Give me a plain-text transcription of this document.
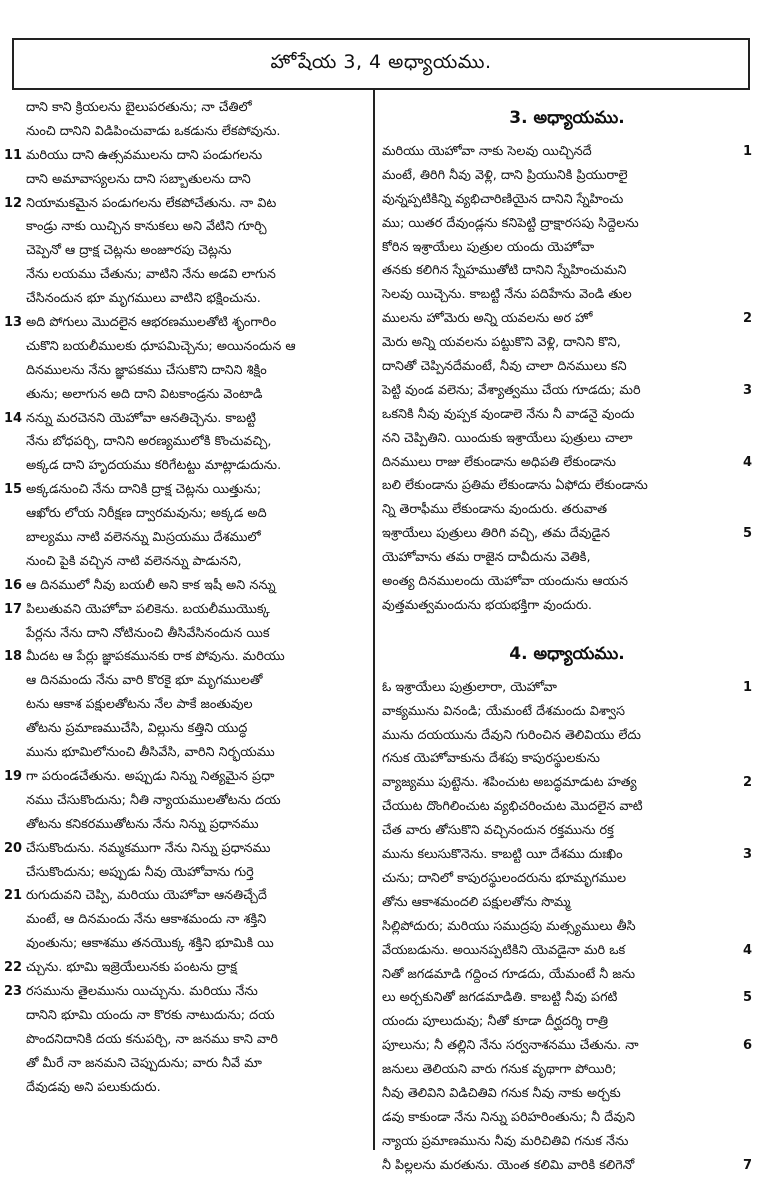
హోషేయ 3, 4 అధ్యాయము.
దాని కాని క్రియలను బైలుపరతును; నా చేతిలో
నుంచి దానిని విడిపించువాడు ఒకడును లేకపోవును.
11 మరియు దాని ఉత్సవములను దాని పండుగలను
దాని అమావాస్యలను దాని సబ్బాతులను దాని
12 నియామకమైన పండుగలను లేకపోచేతును. నా విట
కాండ్రు నాకు యిచ్చిన కానుకలు అని వేటిని గూర్చి
చెప్పెనో ఆ ద్రాక్ష చెట్లను అంజూరపు చెట్లను
నేను లయము చేతును; వాటిని నేను అడవి లాగున
చేసినందున భూ మృగములు వాటిని భక్షించును.
13 అది పోగులు మొదలైన ఆభరణములతోటి శృంగారిం
చుకొని బయలీములకు ధూపమిచ్చెను; అయినందున ఆ
దినములను నేను జ్ఞాపకము చేసుకొని దానిని శిక్షిం
తును; అలాగున అది దాని విటకాండ్రను వెంటాడి
14 నన్ను మరచెనని యెహోవా ఆనతిచ్చెను. కాబట్టి
నేను బోధపర్చి, దానిని అరణ్యములోకి కొంచువచ్చి,
అక్కడ దాని హృదయము కరిగేటట్టు మాట్లాడుదును.
15 అక్కడనుంచి నేను దానికి ద్రాక్ష చెట్లను యిత్తును;
ఆఖోరు లోయ నిరీక్షణ ద్వారమవును; అక్కడ అది
బాల్యము నాటి వలెనన్ను మిస్రయము దేశములో
నుంచి పైకి వచ్చిన నాటి వలెనన్ను పాడునని,
16 ఆ దినములో నీవు బయలీ అని కాక ఇషీ అని నన్ను
17 పిలుతువని యెహోవా పలికెను. బయలీముయొక్క
పేర్లను నేను దాని నోటినుంచి తీసివేసినందున యిక
18 మీదట ఆ పేర్లు జ్ఞాపకమునకు రాక పోవును. మరియు
ఆ దినమందు నేను వారి కొరకై భూ మృగములతో
టను ఆకాశ పక్షులతోటను నేల పాకే జంతువుల
తోటను ప్రమాణముచేసి, విల్లును కత్తిని యుద్ధ
మును భూమిలోనుంచి తీసివేసి, వారిని నిర్భయము
19 గా పరుండచేతును. అప్పుడు నిన్ను నిత్యమైన ప్రధా
నము చేసుకొందును; నీతి న్యాయములతోటను దయ
తోటను కనికరముతోటను నేను నిన్ను ప్రధానము
20 చేసుకొందును. నమ్మకముగా నేను నిన్ను ప్రధానము
చేసుకొందును; అప్పుడు నీవు యెహోవాను గుర్తె
21 రుగుదువని చెప్పి, మరియు యెహోవా ఆనతిచ్చేదే
మంటే, ఆ దినమందు నేను ఆకాశమందు నా శక్తిని
వుంతును; ఆకాశము తనయొక్క శక్తిని భూమికి యి
22 చ్చును. భూమి ఇజ్రెయేలునకు పంటను ద్రాక్ష
23 రసమును తైలమును యిచ్చును. మరియు నేను
దానిని భూమి యందు నా కొరకు నాటుదును; దయ
పొందనిదానికి దయ కనుపర్చి, నా జనము కాని వారి
తో మీరే నా జనమని చెప్పుదును; వారు నీవే మా
దేవుడవు అని పలుకుదురు.
3. అధ్యాయము.
1
మరియు యెహోవా నాకు సెలవు యిచ్చినదే
మంటే, తిరిగి నీవు వెళ్లి, దాని ప్రియునికి ప్రియురాలై
వున్నప్పటికిన్ని వ్యభిచారిణియైన దానిని స్నేహించు
ము; యితర దేవుండ్లను కనిపెట్టి ద్రాక్షారసపు సిద్దెలను
కోరిన ఇశ్రాయేలు పుత్రుల యందు యెహోవా
తనకు కలిగిన స్నేహముతోటి దానిని స్నేహించుమని
సెలవు యిచ్చెను. కాబట్టి నేను పదిహేను వెండి తుల
2
ములను హోమెరు అన్ని యవలను అర హో
మెరు అన్ని యవలను పట్టుకొని వెళ్లి, దానిని కొని,
దానితో చెప్పినదేమంటే, నీవు చాలా దినములు కని
3
పెట్టి వుండ వలెను; వేశ్యాత్వము చేయ గూడదు; మరి
ఒకనికి నీవు వుప్పక వుండాలె నేను నీ వాడనై వుందు
నని చెప్పితిని. యిందుకు ఇశ్రాయేలు పుత్రులు చాలా
4
దినములు రాజు లేకుండాను అధిపతి లేకుండాను
బలి లేకుండాను ప్రతిమ లేకుండాను ఏఫోదు లేకుండాను
న్ని తెరాఫీము లేకుండాను వుందురు. తరువాత
5
ఇశ్రాయేలు పుత్రులు తిరిగి వచ్చి, తమ దేవుడైన
యెహోవాను తమ రాజైన దావీదును వెతికి,
అంత్య దినములందు యెహోవా యందును ఆయన
వుత్తమత్వమందును భయభక్తిగా వుందురు.
4. అధ్యాయము.
1
ఓ ఇశ్రాయేలు పుత్రులారా, యెహోవా
వాక్యమును వినండి; యేమంటే దేశమందు విశ్వాస
మును దయయును దేవుని గురించిన తెలివియు లేదు
గనుక యెహోవాకును దేశపు కాపురస్థులకును
2
వ్యాజ్యము పుట్టెను. శపించుట అబద్ధమాడుట హత్య
చేయుట దొంగిలించుట వ్యభిచరించుట మొదలైన వాటి
చేత వారు తోసుకొని వచ్చినందున రక్తమును రక్త
3
మును కలుసుకొనెను. కాబట్టి యీ దేశము దుఃఖిం
చును; దానిలో కాపురస్థులందరును భూమృగముల
తోను ఆకాశమందలి పక్షులతోను సొమ్మ
సిల్లిపోదురు; మరియు సముద్రపు మత్స్యములు తీసి
4
వేయబడును. అయినప్పటికిని యెవడైనా మరి ఒక
నితో జగడమాడి గద్దించ గూడదు, యేమంటే నీ జను
5
లు అర్చకునితో జగడమాడితి. కాబట్టి నీవు పగటి
యందు పూలుదువు; నీతో కూడా దీర్ఘదర్శి రాత్రి
6
పూలును; నీ తల్లిని నేను సర్వనాశనము చేతును. నా
జనులు తెలియని వారు గనుక వృథాగా పోయిరి;
నీవు తెలివిని విడిచితివి గనుక నీవు నాకు అర్చకు
డవు కాకుండా నేను నిన్ను పరిహరింతును; నీ దేవుని
న్యాయ ప్రమాణమును నీవు మరిచితివి గనుక నేను
7
నీ పిల్లలను మరతును. యెంత కలిమి వారికి కలిగెనో
